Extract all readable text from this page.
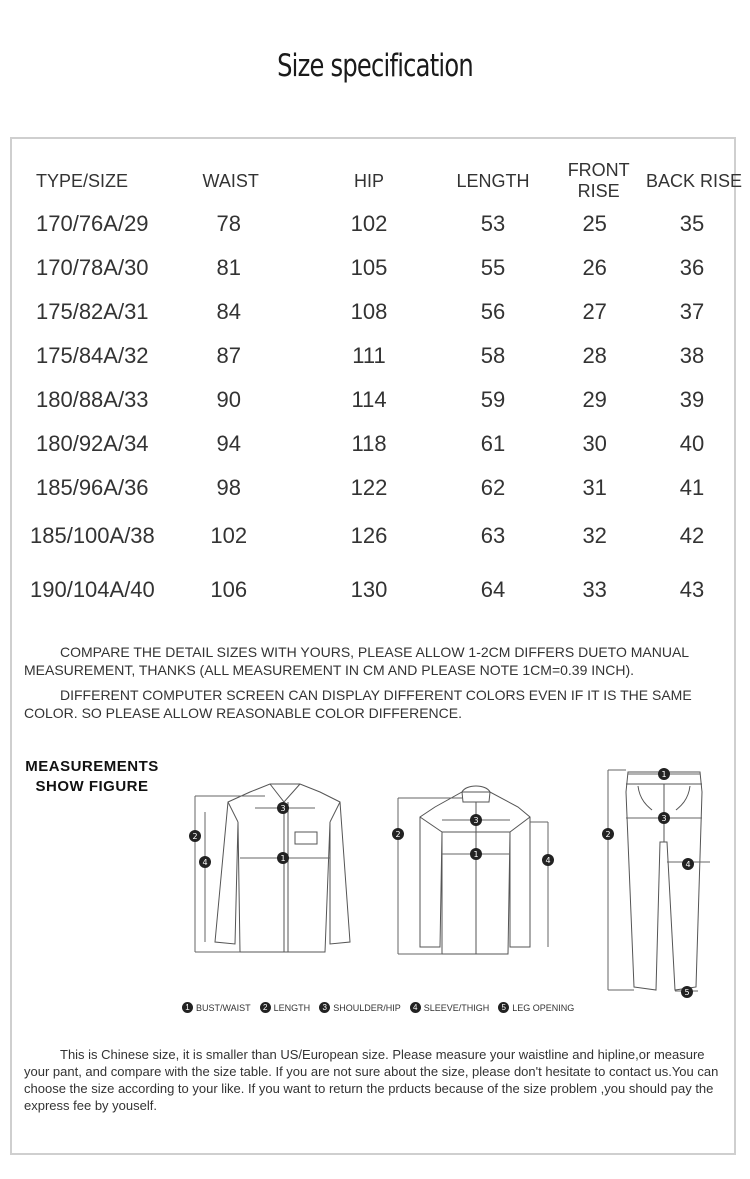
Size specification
TYPE/SIZE	WAIST	HIP	LENGTH	FRONT RISE	BACK RISE
170/76A/29	78	102	53	25	35
170/78A/30	81	105	55	26	36
175/82A/31	84	108	56	27	37
175/84A/32	87	111	58	28	38
180/88A/33	90	114	59	29	39
180/92A/34	94	118	61	30	40
185/96A/36	98	122	62	31	41
185/100A/38	102	126	63	32	42
190/104A/40	106	130	64	33	43
COMPARE THE DETAIL SIZES WITH YOURS, PLEASE ALLOW 1-2CM DIFFERS DUETO MANUAL MEASUREMENT, THANKS (ALL MEASUREMENT IN CM AND PLEASE NOTE 1CM=0.39 INCH).
DIFFERENT COMPUTER SCREEN CAN DISPLAY DIFFERENT COLORS EVEN IF IT IS THE SAME COLOR. SO PLEASE ALLOW REASONABLE COLOR DIFFERENCE.
MEASUREMENTS
SHOW FIGURE
3
1
2
4
3
1
2
4
1
3
2
4
5
1 BUST/WAIST	2 LENGTH	3 SHOULDER/HIP	4 SLEEVE/THIGH	5 LEG OPENING
This is Chinese size, it is smaller than US/European size. Please measure your waistline and hipline,or measure your pant, and compare with the size table. If you are not sure about the size, please don't hesitate to contact us.You can choose the size according to your like. If you want to return the prducts because of the size problem ,you should pay the express fee by youself.
